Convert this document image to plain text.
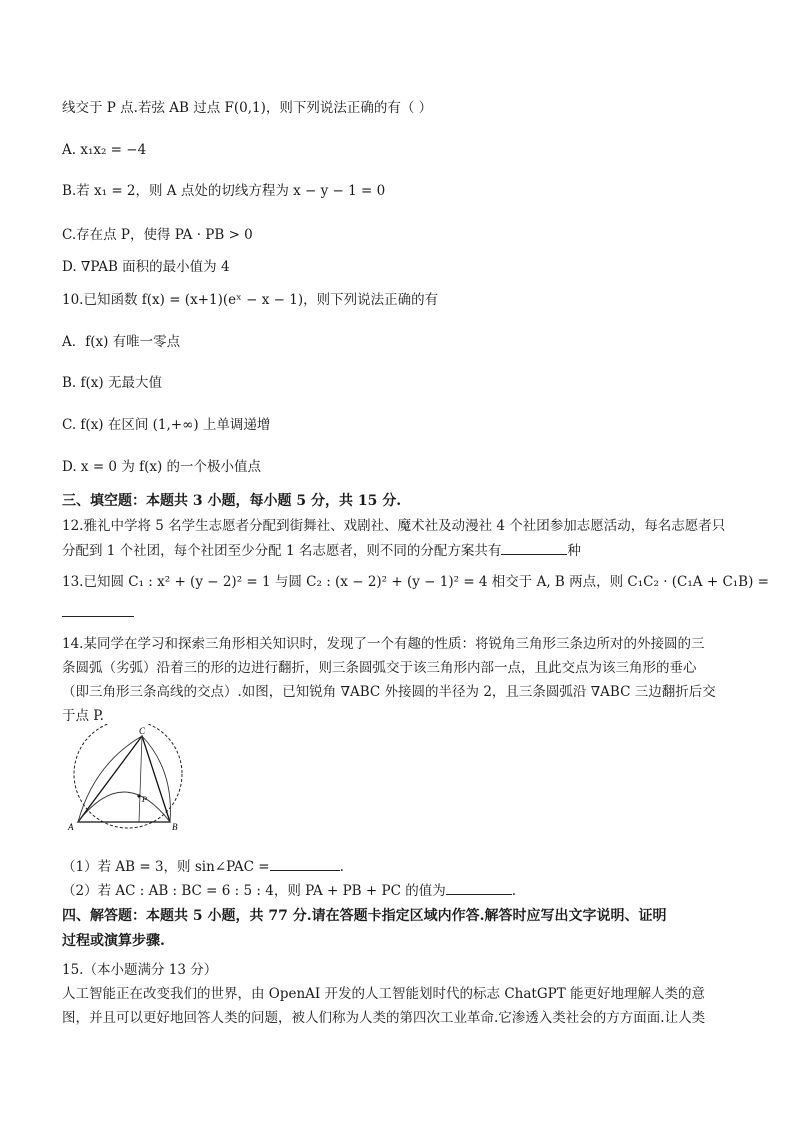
线交于 P 点.若弦 AB 过点 F(0,1)，则下列说法正确的有（ ）
A. x₁x₂ = −4
B.若 x₁ = 2，则 A 点处的切线方程为 x − y − 1 = 0
C.存在点 P，使得 PA · PB > 0
D. ∇PAB 面积的最小值为 4
10.已知函数 f(x) = (x+1)(eˣ − x − 1)，则下列说法正确的有
A．f(x) 有唯一零点
B. f(x) 无最大值
C. f(x) 在区间 (1,+∞) 上单调递增
D. x = 0 为 f(x) 的一个极小值点
三、填空题：本题共 3 小题，每小题 5 分，共 15 分.
12.雅礼中学将 5 名学生志愿者分配到街舞社、戏剧社、魔术社及动漫社 4 个社团参加志愿活动，每名志愿者只
分配到 1 个社团，每个社团至少分配 1 名志愿者，则不同的分配方案共有	种
13.已知圆 C₁ : x² + (y − 2)² = 1 与圆 C₂ : (x − 2)² + (y − 1)² = 4 相交于 A, B 两点，则 C₁C₂ · (C₁A + C₁B) =
14.某同学在学习和探索三角形相关知识时，发现了一个有趣的性质：将锐角三角形三条边所对的外接圆的三
条圆弧（劣弧）沿着三的形的边进行翻折，则三条圆弧交于该三角形内部一点，且此交点为该三角形的垂心
（即三角形三条高线的交点）.如图，已知锐角 ∇ABC 外接圆的半径为 2，且三条圆弧沿 ∇ABC 三边翻折后交
于点 P.
A	B
C
P
（1）若 AB = 3，则 sin∠PAC =	.
（2）若 AC : AB : BC = 6 : 5 : 4，则 PA + PB + PC 的值为	.
四、解答题：本题共 5 小题，共 77 分.请在答题卡指定区域内作答.解答时应写出文字说明、证明
过程或演算步骤.
15.（本小题满分 13 分）
人工智能正在改变我们的世界，由 OpenAI 开发的人工智能划时代的标志 ChatGPT 能更好地理解人类的意
图，并且可以更好地回答人类的问题，被人们称为人类的第四次工业革命.它渗透入类社会的方方面面.让人类
